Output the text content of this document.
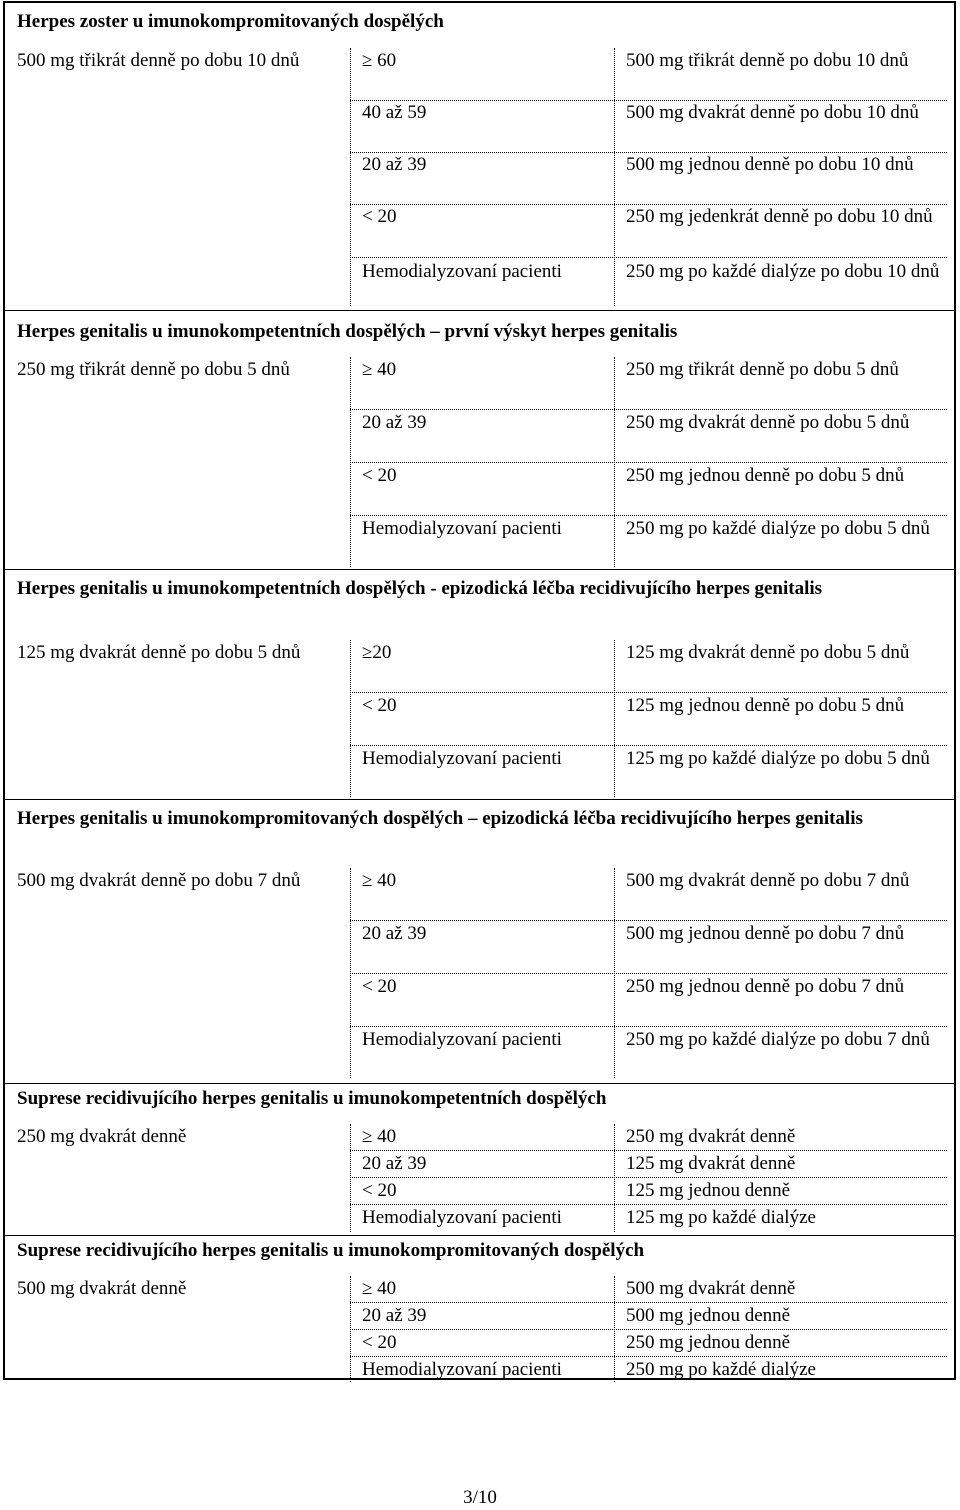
Herpes zoster u imunokompromitovaných dospělých
500 mg třikrát denně po dobu 10 dnů	≥ 60	500 mg třikrát denně po dobu 10 dnů
40 až 59	500 mg dvakrát denně po dobu 10 dnů
20 až 39	500 mg jednou denně po dobu 10 dnů
< 20	250 mg jedenkrát denně po dobu 10 dnů
Hemodialyzovaní pacienti	250 mg po každé dialýze po dobu 10 dnů
Herpes genitalis u imunokompetentních dospělých – první výskyt herpes genitalis
250 mg třikrát denně po dobu 5 dnů	≥ 40	250 mg třikrát denně po dobu 5 dnů
20 až 39	250 mg dvakrát denně po dobu 5 dnů
< 20	250 mg jednou denně po dobu 5 dnů
Hemodialyzovaní pacienti	250 mg po každé dialýze po dobu 5 dnů
Herpes genitalis u imunokompetentních dospělých - epizodická léčba recidivujícího herpes genitalis
125 mg dvakrát denně po dobu 5 dnů	≥20	125 mg dvakrát denně po dobu 5 dnů
< 20	125 mg jednou denně po dobu 5 dnů
Hemodialyzovaní pacienti	125 mg po každé dialýze po dobu 5 dnů
Herpes genitalis u imunokompromitovaných dospělých – epizodická léčba recidivujícího herpes genitalis
500 mg dvakrát denně po dobu 7 dnů	≥ 40	500 mg dvakrát denně po dobu 7 dnů
20 až 39	500 mg jednou denně po dobu 7 dnů
< 20	250 mg jednou denně po dobu 7 dnů
Hemodialyzovaní pacienti	250 mg po každé dialýze po dobu 7 dnů
Suprese recidivujícího herpes genitalis u imunokompetentních dospělých
250 mg dvakrát denně	≥ 40	250 mg dvakrát denně
20 až 39	125 mg dvakrát denně
< 20	125 mg jednou denně
Hemodialyzovaní pacienti	125 mg po každé dialýze
Suprese recidivujícího herpes genitalis u imunokompromitovaných dospělých
500 mg dvakrát denně	≥ 40	500 mg dvakrát denně
20 až 39	500 mg jednou denně
< 20	250 mg jednou denně
Hemodialyzovaní pacienti	250 mg po každé dialýze
3/10
